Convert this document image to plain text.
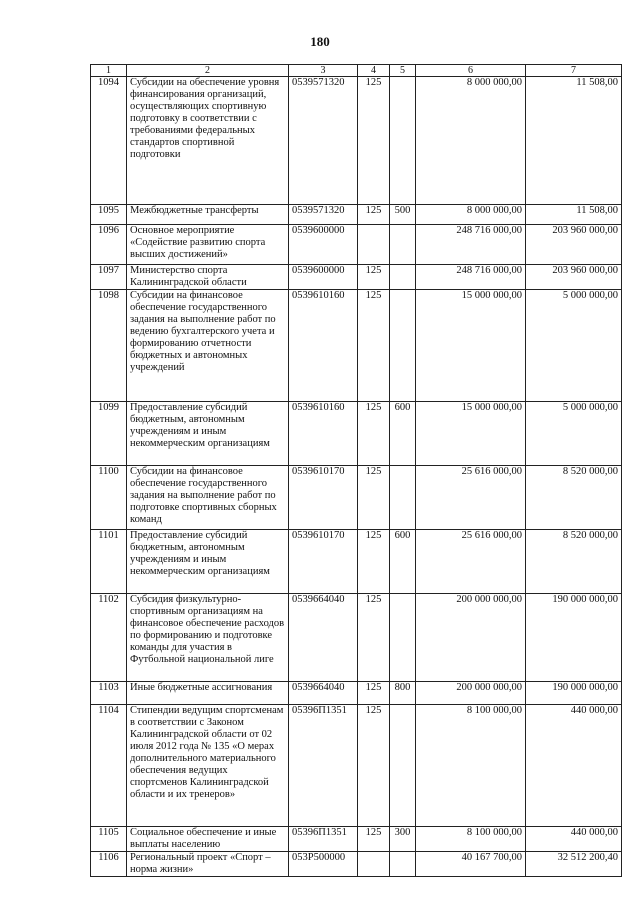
180
1	2	3	4	5	6	7
1094	Субсидии на обеспечение уровня финансирования организаций, осуществляющих спортивную подготовку в соответствии с требованиями федеральных стандартов спортивной подготовки	0539571320	125		8 000 000,00	11 508,00
1095	Межбюджетные трансферты	0539571320	125	500	8 000 000,00	11 508,00
1096	Основное мероприятие «Содействие развитию спорта высших достижений»	0539600000			248 716 000,00	203 960 000,00
1097	Министерство спорта Калининградской области	0539600000	125		248 716 000,00	203 960 000,00
1098	Субсидии на финансовое обеспечение государственного задания на выполнение работ по ведению бухгалтерского учета и формированию отчетности бюджетных и автономных учреждений	0539610160	125		15 000 000,00	5 000 000,00
1099	Предоставление субсидий бюджетным, автономным учреждениям и иным некоммерческим организациям	0539610160	125	600	15 000 000,00	5 000 000,00
1100	Субсидии на финансовое обеспечение государственного задания на выполнение работ по подготовке спортивных сборных команд	0539610170	125		25 616 000,00	8 520 000,00
1101	Предоставление субсидий бюджетным, автономным учреждениям и иным некоммерческим организациям	0539610170	125	600	25 616 000,00	8 520 000,00
1102	Субсидия физкультурно-спортивным организациям на финансовое обеспечение расходов по формированию и подготовке команды для участия в Футбольной национальной лиге	0539664040	125		200 000 000,00	190 000 000,00
1103	Иные бюджетные ассигнования	0539664040	125	800	200 000 000,00	190 000 000,00
1104	Стипендии ведущим спортсменам в соответствии с Законом Калининградской области от 02 июля 2012 года № 135 «О мерах дополнительного материального обеспечения ведущих спортсменов Калининградской области и их тренеров»	05396П1351	125		8 100 000,00	440 000,00
1105	Социальное обеспечение и иные выплаты населению	05396П1351	125	300	8 100 000,00	440 000,00
1106	Региональный проект «Спорт – норма жизни»	053Р500000			40 167 700,00	32 512 200,40
